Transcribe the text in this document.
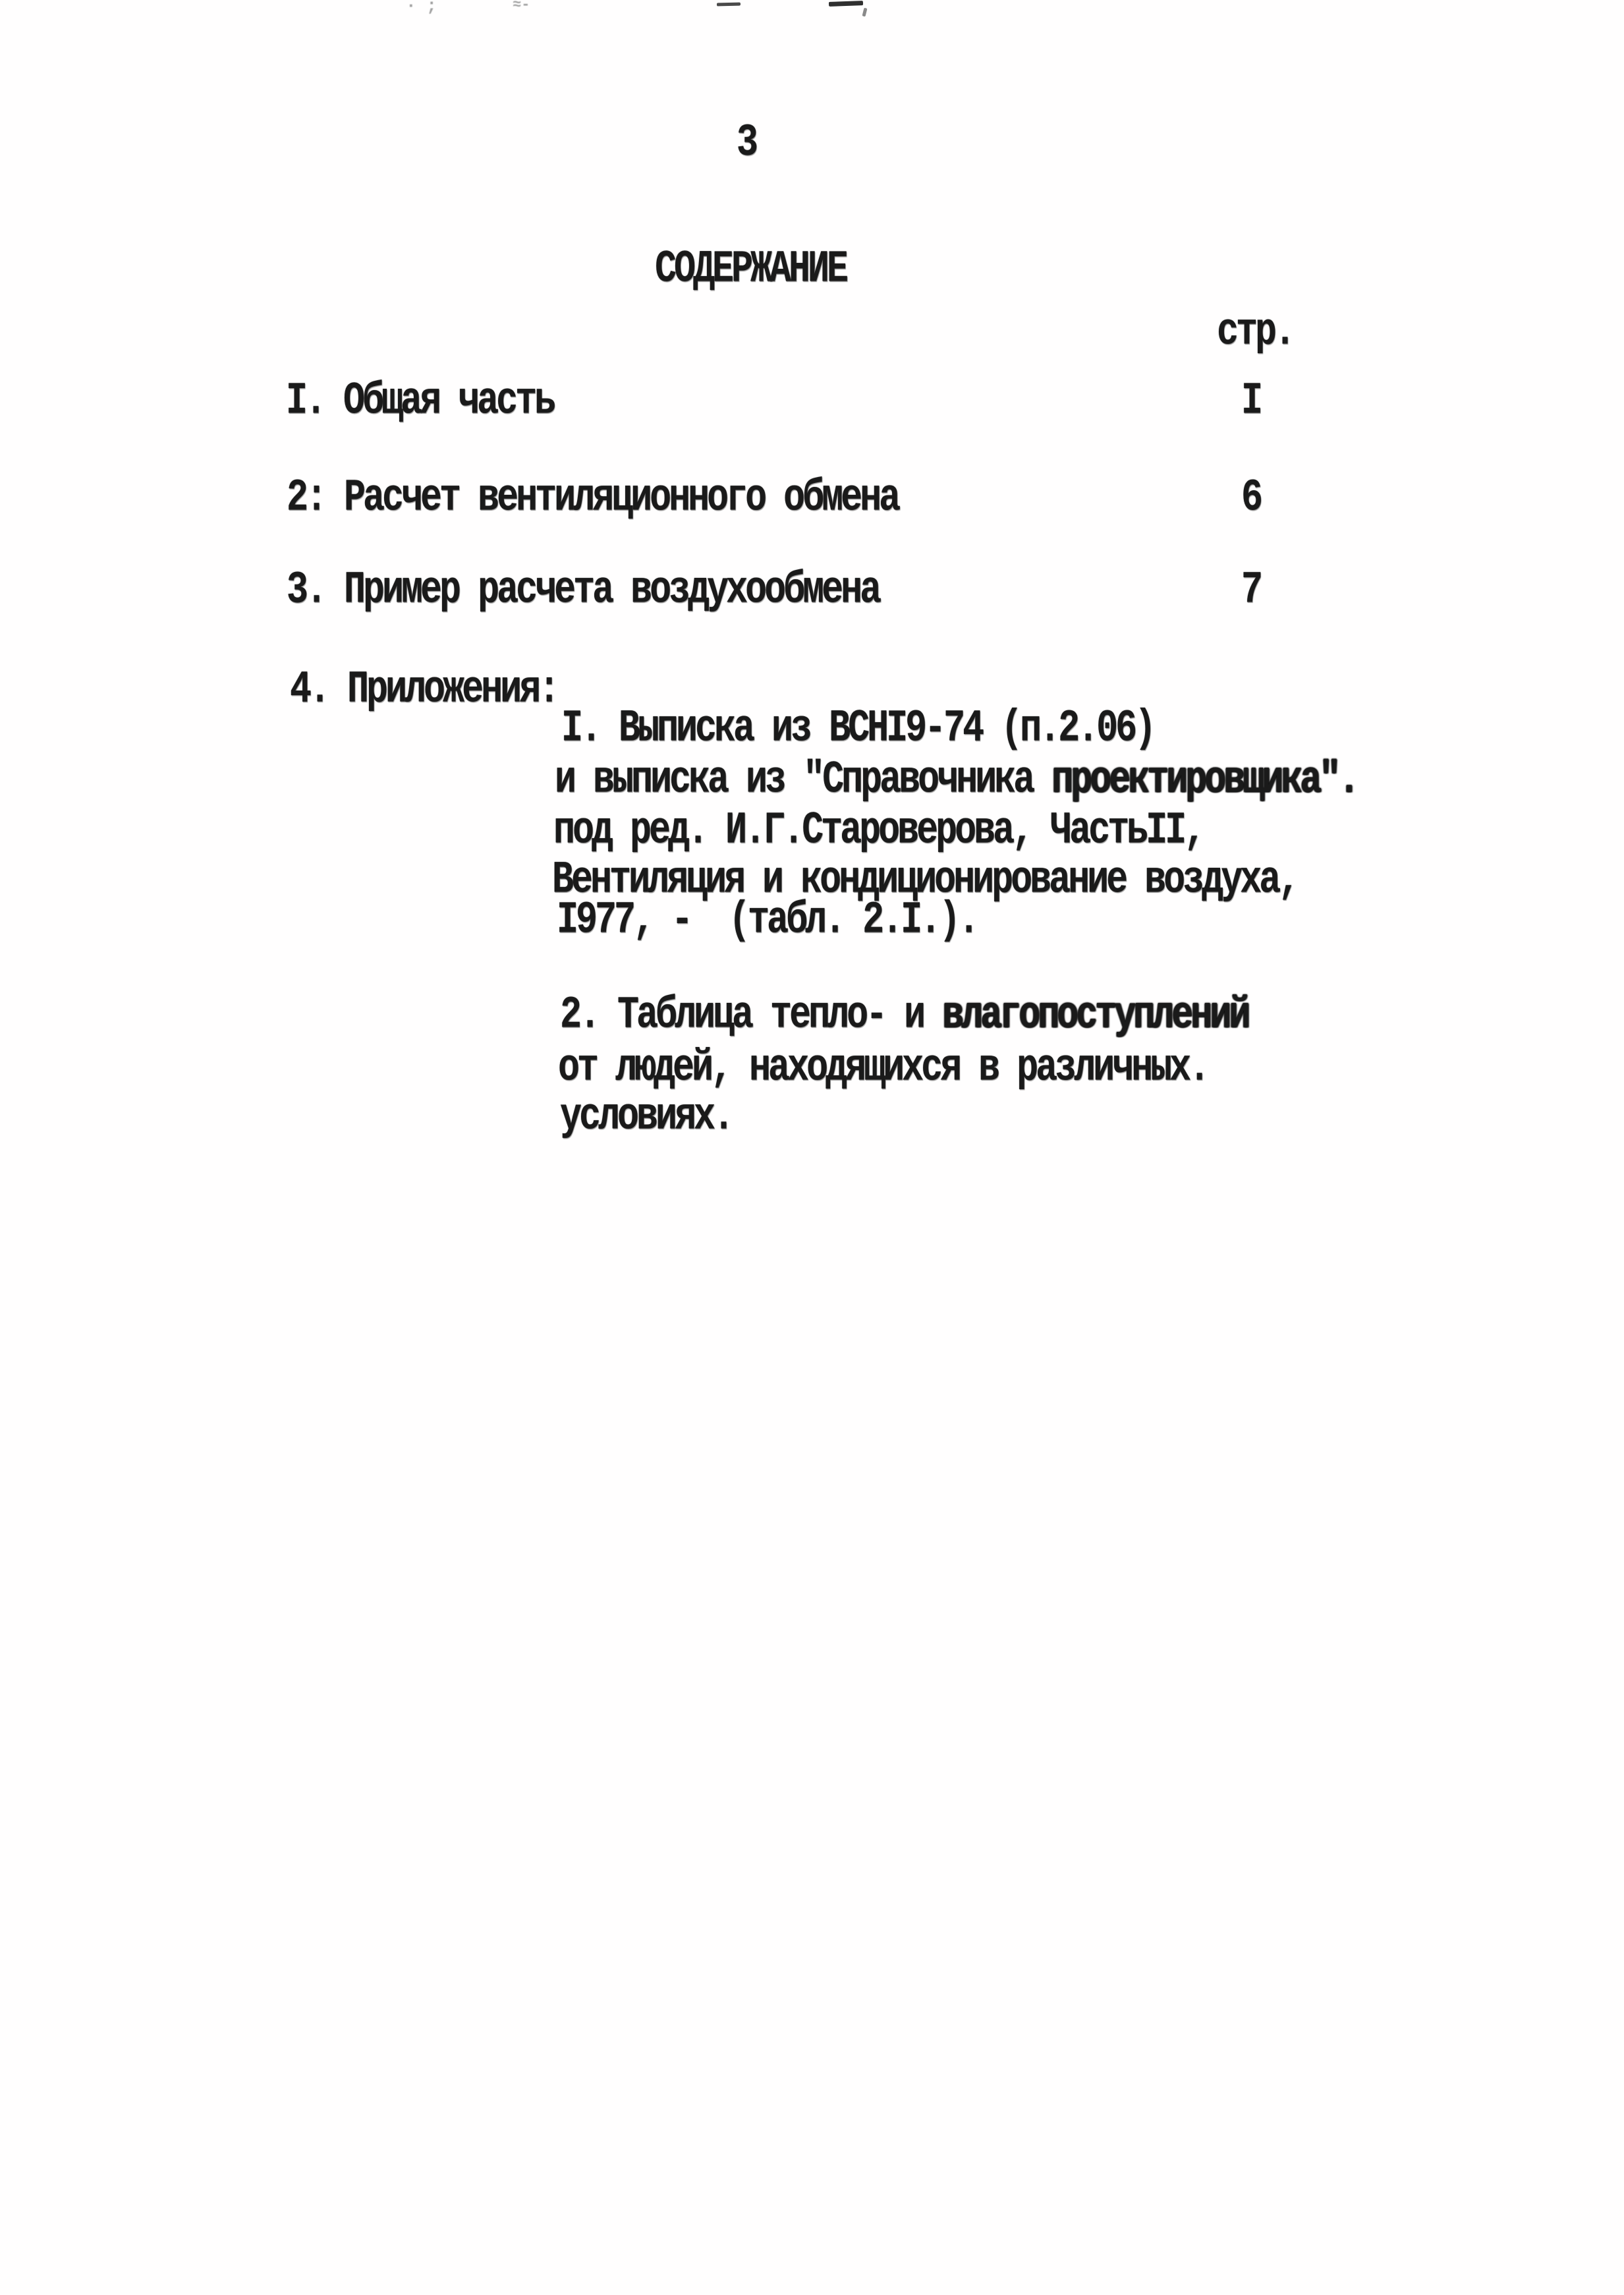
· ;	≈-
3
СОДЕРЖАНИЕ
стр.
I. Общая часть	I
2: Расчет вентиляционного обмена	6
3. Пример расчета воздухообмена	7
4. Приложения:
I. Выписка из ВСНI9-74 (п.2.06)
и выписка из "Справочника проектировщика".
под ред. И.Г.Староверова, ЧастьII,
Вентиляция и кондиционирование воздуха,
I977, -  (табл. 2.I.).
2. Таблица тепло- и влагопоступлений
от людей, находящихся в различных.
условиях.
